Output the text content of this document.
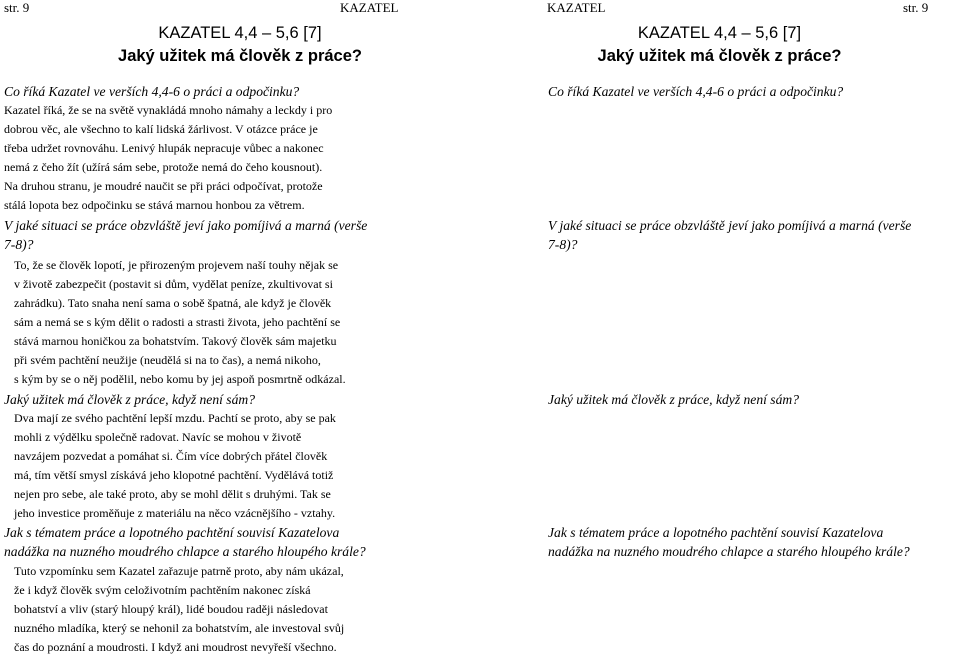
str. 9	KAZATEL
KAZATEL 4,4 – 5,6 [7]
Jaký užitek má člověk z práce?
Co říká Kazatel ve verších 4,4-6 o práci a odpočinku?
Kazatel říká, že se na světě vynakládá mnoho námahy a leckdy i pro
dobrou věc, ale všechno to kalí lidská žárlivost. V otázce práce je
třeba udržet rovnováhu. Lenivý hlupák nepracuje vůbec a nakonec
nemá z čeho žít (užírá sám sebe, protože nemá do čeho kousnout).
Na druhou stranu, je moudré naučit se při práci odpočívat, protože
stálá lopota bez odpočinku se stává marnou honbou za větrem.
V jaké situaci se práce obzvláště jeví jako pomíjivá a marná (verše
7-8)?
To, že se člověk lopotí, je přirozeným projevem naší touhy nějak se
v životě zabezpečit (postavit si dům, vydělat peníze, zkultivovat si
zahrádku). Tato snaha není sama o sobě špatná, ale když je člověk
sám a nemá se s kým dělit o radosti a strasti života, jeho pachtění se
stává marnou honičkou za bohatstvím. Takový člověk sám majetku
při svém pachtění neužije (neudělá si na to čas), a nemá nikoho,
s kým by se o něj podělil, nebo komu by jej aspoň posmrtně odkázal.
Jaký užitek má člověk z práce, když není sám?
Dva mají ze svého pachtění lepší mzdu. Pachtí se proto, aby se pak
mohli z výdělku společně radovat. Navíc se mohou v životě
navzájem pozvedat a pomáhat si. Čím více dobrých přátel člověk
má, tím větší smysl získává jeho klopotné pachtění. Vydělává totiž
nejen pro sebe, ale také proto, aby se mohl dělit s druhými. Tak se
jeho investice proměňuje z materiálu na něco vzácnějšího - vztahy.
Jak s tématem práce a lopotného pachtění souvisí Kazatelova
nadážka na nuzného moudrého chlapce a starého hloupého krále?
Tuto vzpomínku sem Kazatel zařazuje patrně proto, aby nám ukázal,
že i když člověk svým celoživotním pachtěním nakonec získá
bohatství a vliv (starý hloupý král), lidé boudou raději následovat
nuzného mladíka, který se nehonil za bohatstvím, ale investoval svůj
čas do poznání a moudrosti. I když ani moudrost nevyřeší všechno.
KAZATEL	str. 9
KAZATEL 4,4 – 5,6 [7]
Jaký užitek má člověk z práce?
Co říká Kazatel ve verších 4,4-6 o práci a odpočinku?
V jaké situaci se práce obzvláště jeví jako pomíjivá a marná (verše
7-8)?
Jaký užitek má člověk z práce, když není sám?
Jak s tématem práce a lopotného pachtění souvisí Kazatelova
nadážka na nuzného moudrého chlapce a starého hloupého krále?
